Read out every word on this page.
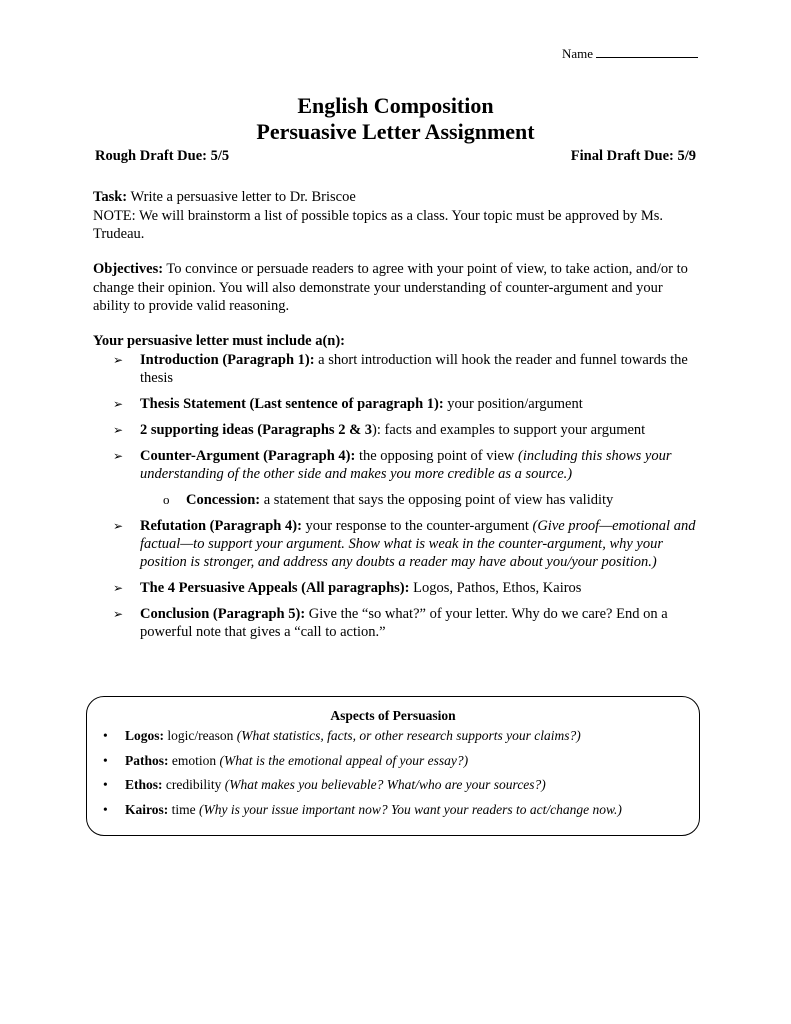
Name
English Composition
Persuasive Letter Assignment
Rough Draft Due: 5/5	Final Draft Due: 5/9

Task: Write a persuasive letter to Dr. Briscoe

NOTE: We will brainstorm a list of possible topics as a class. Your topic must be approved by Ms. Trudeau.

Objectives: To convince or persuade readers to agree with your point of view, to take action, and/or to change their opinion. You will also demonstrate your understanding of counter-argument and your ability to provide valid reasoning.

Your persuasive letter must include a(n):

➢ Introduction (Paragraph 1): a short introduction will hook the reader and funnel towards the thesis
➢ Thesis Statement (Last sentence of paragraph 1): your position/argument
➢ 2 supporting ideas (Paragraphs 2 & 3): facts and examples to support your argument
➢ Counter-Argument (Paragraph 4): the opposing point of view (including this shows your understanding of the other side and makes you more credible as a source.)
o Concession: a statement that says the opposing point of view has validity
➢ Refutation (Paragraph 4): your response to the counter-argument (Give proof—emotional and factual—to support your argument. Show what is weak in the counter-argument, why your position is stronger, and address any doubts a reader may have about you/your position.)
➢ The 4 Persuasive Appeals (All paragraphs): Logos, Pathos, Ethos, Kairos
➢ Conclusion (Paragraph 5): Give the “so what?” of your letter. Why do we care? End on a powerful note that gives a “call to action.”
Aspects of Persuasion
• Logos: logic/reason (What statistics, facts, or other research supports your claims?)
• Pathos: emotion (What is the emotional appeal of your essay?)
• Ethos: credibility (What makes you believable? What/who are your sources?)
• Kairos: time (Why is your issue important now? You want your readers to act/change now.)
